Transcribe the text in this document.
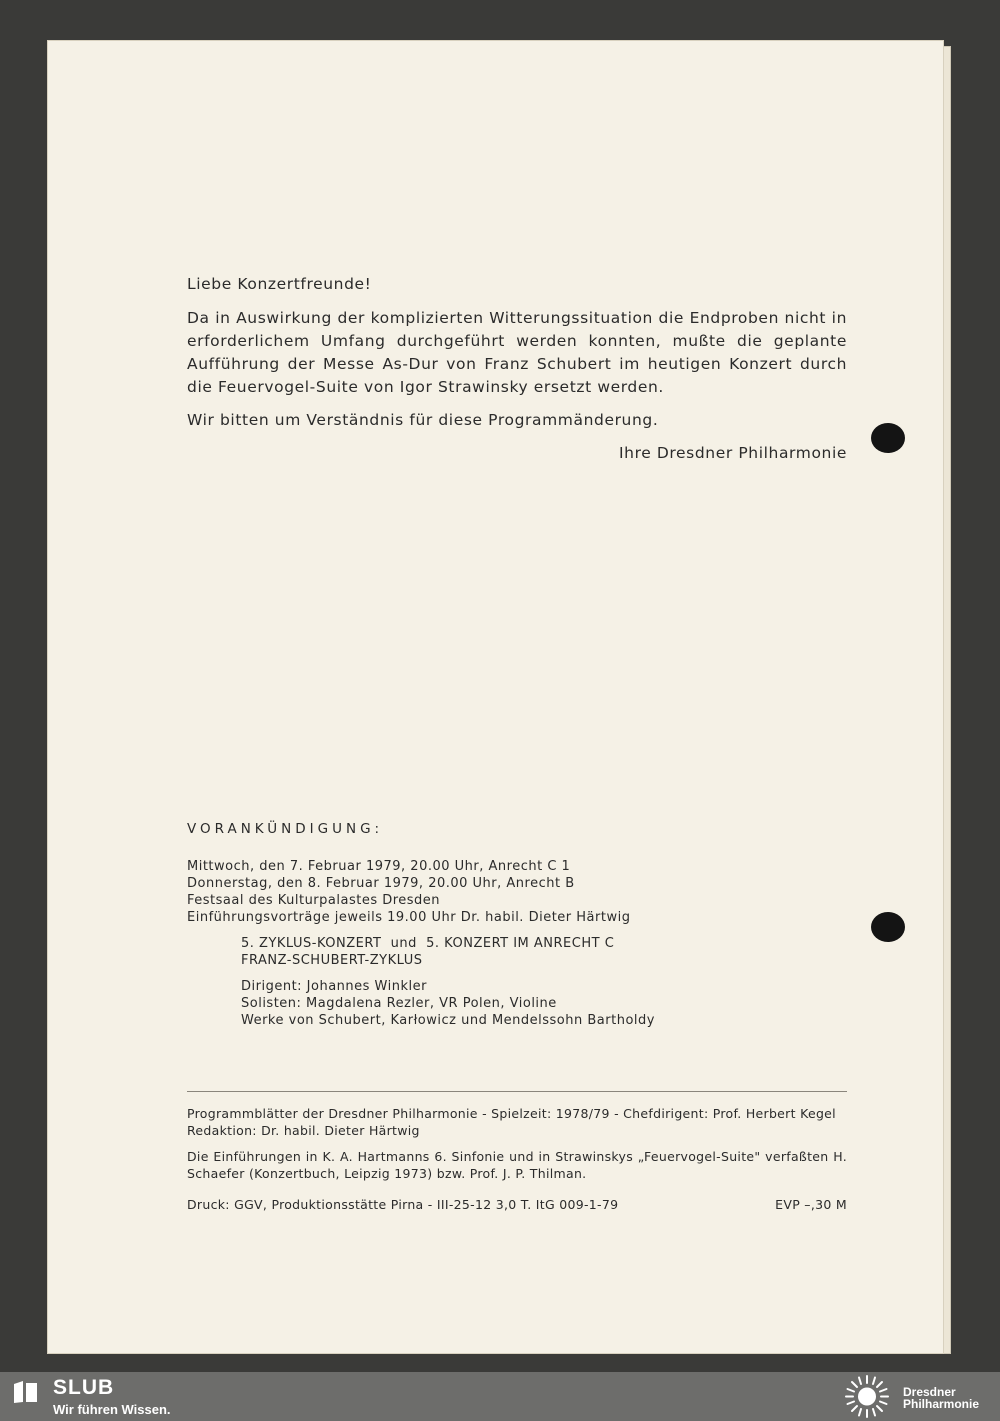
Liebe Konzertfreunde!

Da in Auswirkung der komplizierten Witterungssituation die Endproben nicht in erforderlichem Umfang durchgeführt werden konnten, mußte die geplante Aufführung der Messe As-Dur von Franz Schubert im heutigen Konzert durch die Feuervogel-Suite von Igor Strawinsky ersetzt werden.

Wir bitten um Verständnis für diese Programmänderung.

Ihre Dresdner Philharmonie

VORANKÜNDIGUNG:
Mittwoch, den 7. Februar 1979, 20.00 Uhr, Anrecht C 1
Donnerstag, den 8. Februar 1979, 20.00 Uhr, Anrecht B
Festsaal des Kulturpalastes Dresden
Einführungsvorträge jeweils 19.00 Uhr Dr. habil. Dieter Härtwig
5. ZYKLUS-KONZERT  und  5. KONZERT IM ANRECHT C
FRANZ-SCHUBERT-ZYKLUS
Dirigent: Johannes Winkler
Solisten: Magdalena Rezler, VR Polen, Violine
Werke von Schubert, Karłowicz und Mendelssohn Bartholdy

Programmblätter der Dresdner Philharmonie - Spielzeit: 1978/79 - Chefdirigent: Prof. Herbert Kegel
Redaktion: Dr. habil. Dieter Härtwig

Die Einführungen in K. A. Hartmanns 6. Sinfonie und in Strawinskys „Feuervogel-Suite" verfaßten H. Schaefer (Konzertbuch, Leipzig 1973) bzw. Prof. J. P. Thilman.

Druck: GGV, Produktionsstätte Pirna - III-25-12 3,0 T. ItG 009-1-79	EVP –,30 M
SLUB
Wir führen Wissen.
Dresdner
Philharmonie
